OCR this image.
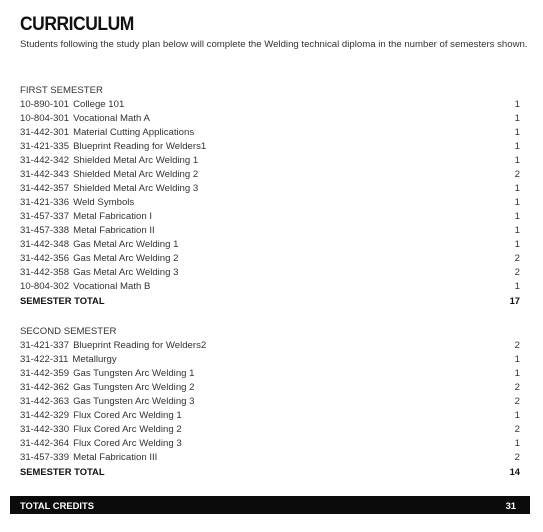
CURRICULUM
Students following the study plan below will complete the Welding technical diploma in the number of semesters shown.
FIRST SEMESTER
10-890-101 College 101	1
10-804-301 Vocational Math A	1
31-442-301 Material Cutting Applications	1
31-421-335 Blueprint Reading for Welders1	1
31-442-342 Shielded Metal Arc Welding 1	1
31-442-343 Shielded Metal Arc Welding 2	2
31-442-357 Shielded Metal Arc Welding 3	1
31-421-336 Weld Symbols	1
31-457-337 Metal Fabrication I	1
31-457-338 Metal Fabrication II	1
31-442-348 Gas Metal Arc Welding 1	1
31-442-356 Gas Metal Arc Welding 2	2
31-442-358 Gas Metal Arc Welding 3	2
10-804-302 Vocational Math B	1
SEMESTER TOTAL	17
SECOND SEMESTER
31-421-337 Blueprint Reading for Welders2	2
31-422-311 Metallurgy	1
31-442-359 Gas Tungsten Arc Welding 1	1
31-442-362 Gas Tungsten Arc Welding 2	2
31-442-363 Gas Tungsten Arc Welding 3	2
31-442-329 Flux Cored Arc Welding 1	1
31-442-330 Flux Cored Arc Welding 2	2
31-442-364 Flux Cored Arc Welding 3	1
31-457-339 Metal Fabrication III	2
SEMESTER TOTAL	14
TOTAL CREDITS	31
